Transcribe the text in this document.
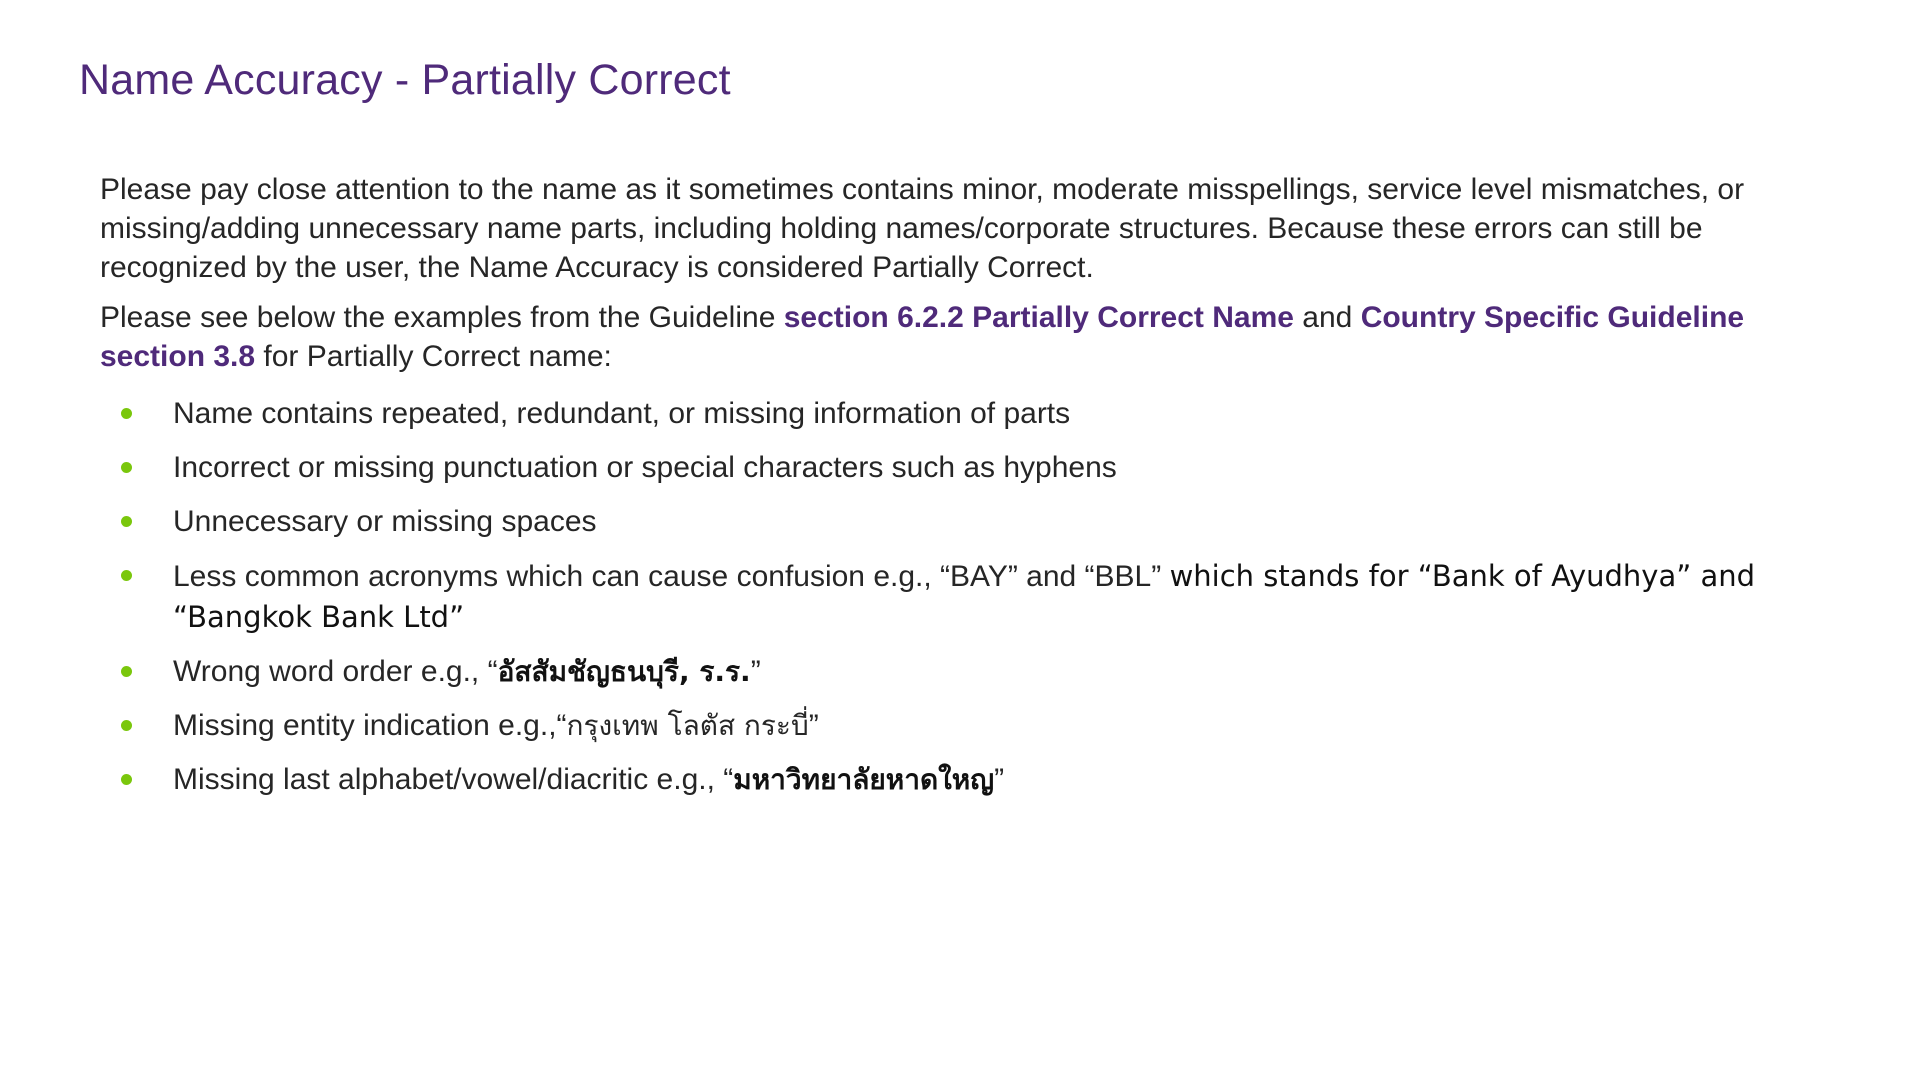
Name Accuracy - Partially Correct

Please pay close attention to the name as it sometimes contains minor, moderate misspellings, service level mismatches, or missing/adding unnecessary name parts, including holding names/corporate structures. Because these errors can still be recognized by the user, the Name Accuracy is considered Partially Correct.

Please see below the examples from the Guideline section 6.2.2 Partially Correct Name and Country Specific Guideline section 3.8 for Partially Correct name:

Name contains repeated, redundant, or missing information of parts
Incorrect or missing punctuation or special characters such as hyphens
Unnecessary or missing spaces
Less common acronyms which can cause confusion e.g., “BAY” and “BBL” which stands for “Bank of Ayudhya” and “Bangkok Bank Ltd”
Wrong word order e.g., “อัสสัมชัญธนบุรี, ร.ร.”
Missing entity indication e.g.,“กรุงเทพ โลตัส กระบี่”
Missing last alphabet/vowel/diacritic e.g., “มหาวิทยาลัยหาดใหญ”
